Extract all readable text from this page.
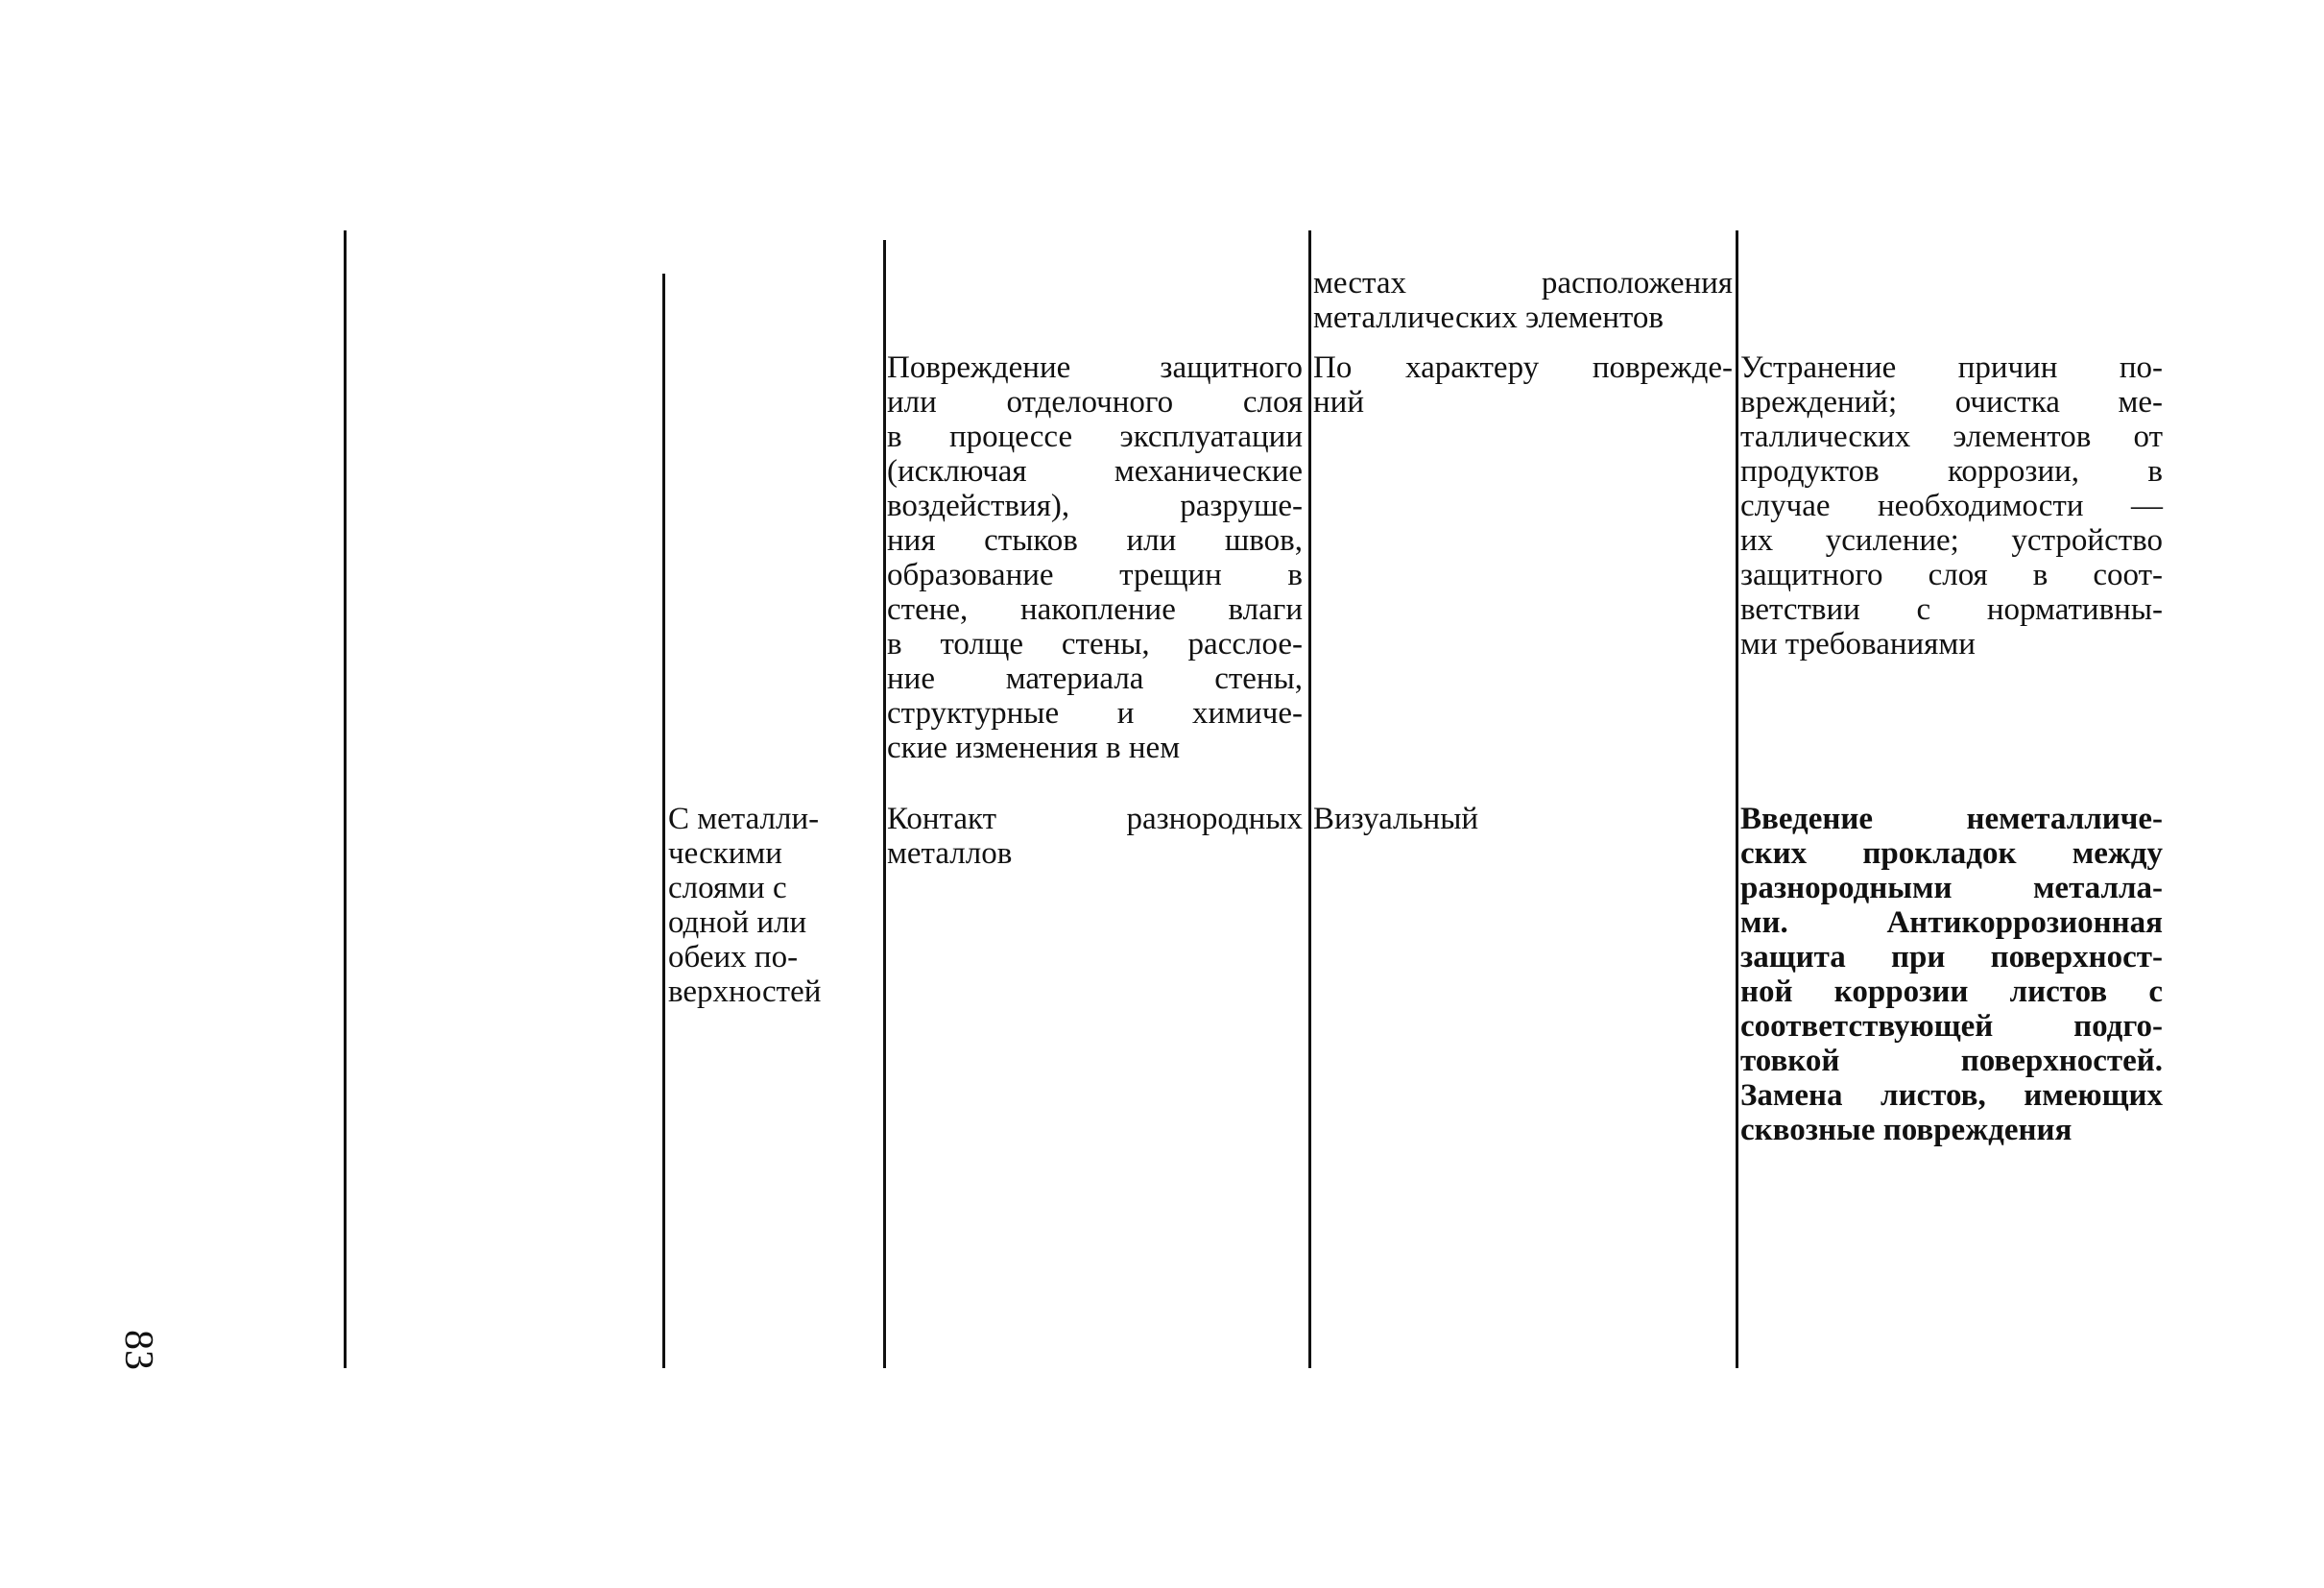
83
местах расположения
металлических элементов
Повреждение защитного
или отделочного слоя
в процессе эксплуатации
(исключая механические
воздействия), разруше-
ния стыков или швов,
образование трещин в
стене, накопление влаги
в толще стены, расслое-
ние материала стены,
структурные и химиче-
ские изменения в нем
По характеру поврежде-
ний
Устранение причин по-
вреждений; очистка ме-
таллических элементов от
продуктов коррозии, в
случае необходимости —
их усиление; устройство
защитного слоя в соот-
ветствии с нормативны-
ми требованиями
С металли-
ческими
слоями с
одной или
обеих по-
верхностей
Контакт разнородных
металлов
Визуальный	Введение неметалличе-
ских прокладок между
разнородными металла-
ми. Антикоррозионная
защита при поверхност-
ной коррозии листов с
соответствующей подго-
товкой поверхностей.
Замена листов, имеющих
сквозные повреждения
